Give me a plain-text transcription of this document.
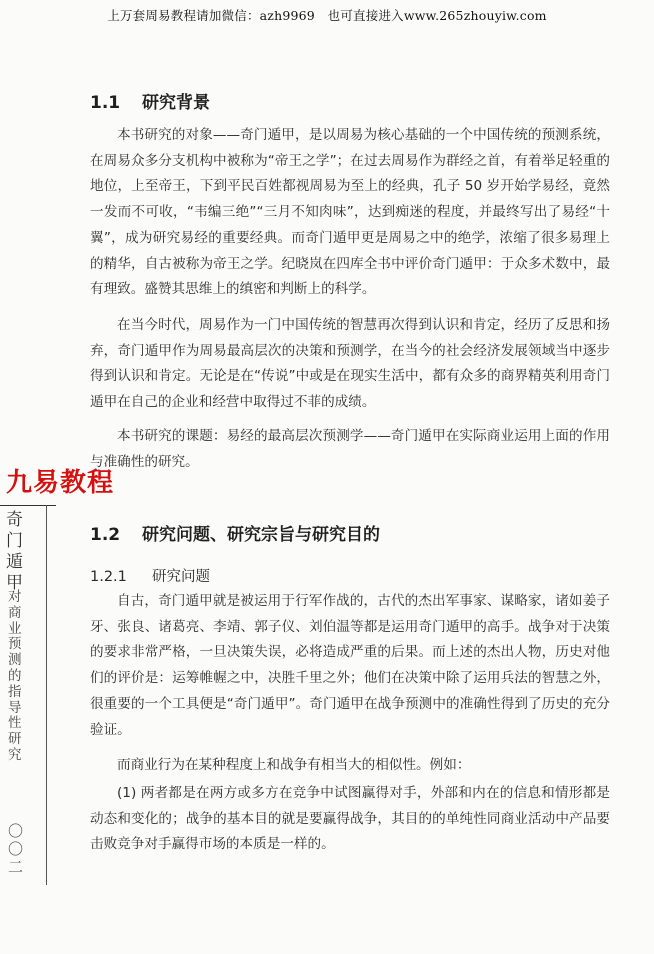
上万套周易教程请加微信：azh9969　也可直接进入www.265zhouyiw.com
1.1 研究背景
本书研究的对象——奇门遁甲，是以周易为核心基础的一个中国传统的预测系统，在周易众多分支机构中被称为“帝王之学”；在过去周易作为群经之首，有着举足轻重的地位，上至帝王，下到平民百姓都视周易为至上的经典，孔子 50 岁开始学易经，竟然一发而不可收，“韦编三绝”“三月不知肉味”，达到痴迷的程度，并最终写出了易经“十翼”，成为研究易经的重要经典。而奇门遁甲更是周易之中的绝学，浓缩了很多易理上的精华，自古被称为帝王之学。纪晓岚在四库全书中评价奇门遁甲：于众多术数中，最有理致。盛赞其思维上的缜密和判断上的科学。
在当今时代，周易作为一门中国传统的智慧再次得到认识和肯定，经历了反思和扬弃，奇门遁甲作为周易最高层次的决策和预测学，在当今的社会经济发展领域当中逐步得到认识和肯定。无论是在“传说”中或是在现实生活中，都有众多的商界精英利用奇门遁甲在自己的企业和经营中取得过不菲的成绩。
本书研究的课题：易经的最高层次预测学——奇门遁甲在实际商业运用上面的作用与准确性的研究。
九易教程
1.2 研究问题、研究宗旨与研究目的
1.2.1 研究问题
自古，奇门遁甲就是被运用于行军作战的，古代的杰出军事家、谋略家，诸如姜子牙、张良、诸葛亮、李靖、郭子仪、刘伯温等都是运用奇门遁甲的高手。战争对于决策的要求非常严格，一旦决策失误，必将造成严重的后果。而上述的杰出人物，历史对他们的评价是：运筹帷幄之中，决胜千里之外；他们在决策中除了运用兵法的智慧之外，很重要的一个工具便是“奇门遁甲”。奇门遁甲在战争预测中的准确性得到了历史的充分验证。
而商业行为在某种程度上和战争有相当大的相似性。例如：
(1) 两者都是在两方或多方在竞争中试图赢得对手，外部和内在的信息和情形都是动态和变化的；战争的基本目的就是要赢得战争，其目的的单纯性同商业活动中产品要击败竞争对手赢得市场的本质是一样的。
奇门遁甲
对商业预测的指导性研究
〇〇二
